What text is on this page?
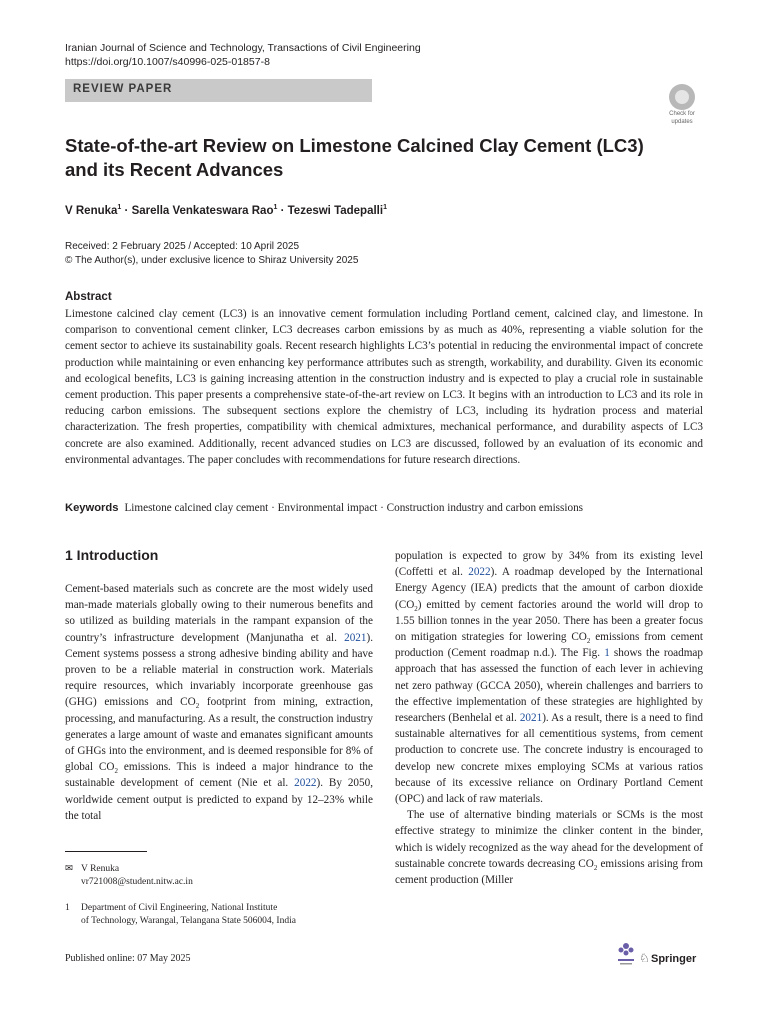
Iranian Journal of Science and Technology, Transactions of Civil Engineering
https://doi.org/10.1007/s40996-025-01857-8
REVIEW PAPER
Check for
updates
State-of-the-art Review on Limestone Calcined Clay Cement (LC3)
and its Recent Advances
V Renuka$^1$ · Sarella Venkateswara Rao$^1$ · Tezeswi Tadepalli$^1$
Received: 2 February 2025 / Accepted: 10 April 2025
© The Author(s), under exclusive licence to Shiraz University 2025
Abstract
Limestone calcined clay cement (LC3) is an innovative cement formulation including Portland cement, calcined clay, and limestone. In comparison to conventional cement clinker, LC3 decreases carbon emissions by as much as 40%, representing a viable solution for the cement sector to achieve its sustainability goals. Recent research highlights LC3’s potential in reducing the environmental impact of concrete production while maintaining or even enhancing key performance attributes such as strength, workability, and durability. Given its economic and ecological benefits, LC3 is gaining increasing attention in the construction industry and is expected to play a crucial role in sustainable cement production. This paper presents a comprehensive state-of-the-art review on LC3. It begins with an introduction to LC3 and its role in reducing carbon emissions. The subsequent sections explore the chemistry of LC3, including its hydration process and material characterization. The fresh properties, compatibility with chemical admixtures, mechanical performance, and durability aspects of LC3 concrete are also examined. Additionally, recent advanced studies on LC3 are discussed, followed by an evaluation of its economic and environmental advantages. The paper concludes with recommendations for future research directions.
Keywords Limestone calcined clay cement · Environmental impact · Construction industry and carbon emissions
1 Introduction
Cement-based materials such as concrete are the most widely used man-made materials globally owing to their numerous benefits and so utilized as building materials in the rampant expansion of the country’s infrastructure development (Manjunatha et al. 2021). Cement systems possess a strong adhesive binding ability and have proven to be a reliable material in construction work. Materials require resources, which invariably incorporate greenhouse gas (GHG) emissions and $CO_2$ footprint from mining, extraction, processing, and manufacturing. As a result, the construction industry generates a large amount of waste and emanates significant amounts of GHGs into the environment, and is deemed responsible for 8% of global $CO_2$ emissions. This is indeed a major hindrance to the sustainable development of cement (Nie et al. 2022). By 2050, worldwide cement output is predicted to expand by 12–23% while the total

population is expected to grow by 34% from its existing level (Coffetti et al. 2022). A roadmap developed by the International Energy Agency (IEA) predicts that the amount of carbon dioxide $(CO_2)$ emitted by cement factories around the world will drop to 1.55 billion tonnes in the year 2050. There has been a greater focus on mitigation strategies for lowering $CO_2$ emissions from cement production (Cement roadmap n.d.). The Fig. 1 shows the roadmap approach that has assessed the function of each lever in achieving net zero pathway (GCCA 2050), wherein challenges and barriers to the effective implementation of these strategies are highlighted by researchers (Benhelal et al. 2021). As a result, there is a need to find sustainable alternatives for all cementitious systems, from cement production to concrete use. The concrete industry is encouraged to develop new concrete mixes employing SCMs at various ratios because of its excessive reliance on Ordinary Portland Cement (OPC) and lack of raw materials.

The use of alternative binding materials or SCMs is the most effective strategy to minimize the clinker content in the binder, which is widely recognized as the way ahead for the development of sustainable concrete towards decreasing $CO_2$ emissions arising from cement production (Miller

✉ V Renuka
vr721008@student.nitw.ac.in
1 Department of Civil Engineering, National Institute
of Technology, Warangal, Telangana State 506004, India
Published online: 07 May 2025	♘ Springer
